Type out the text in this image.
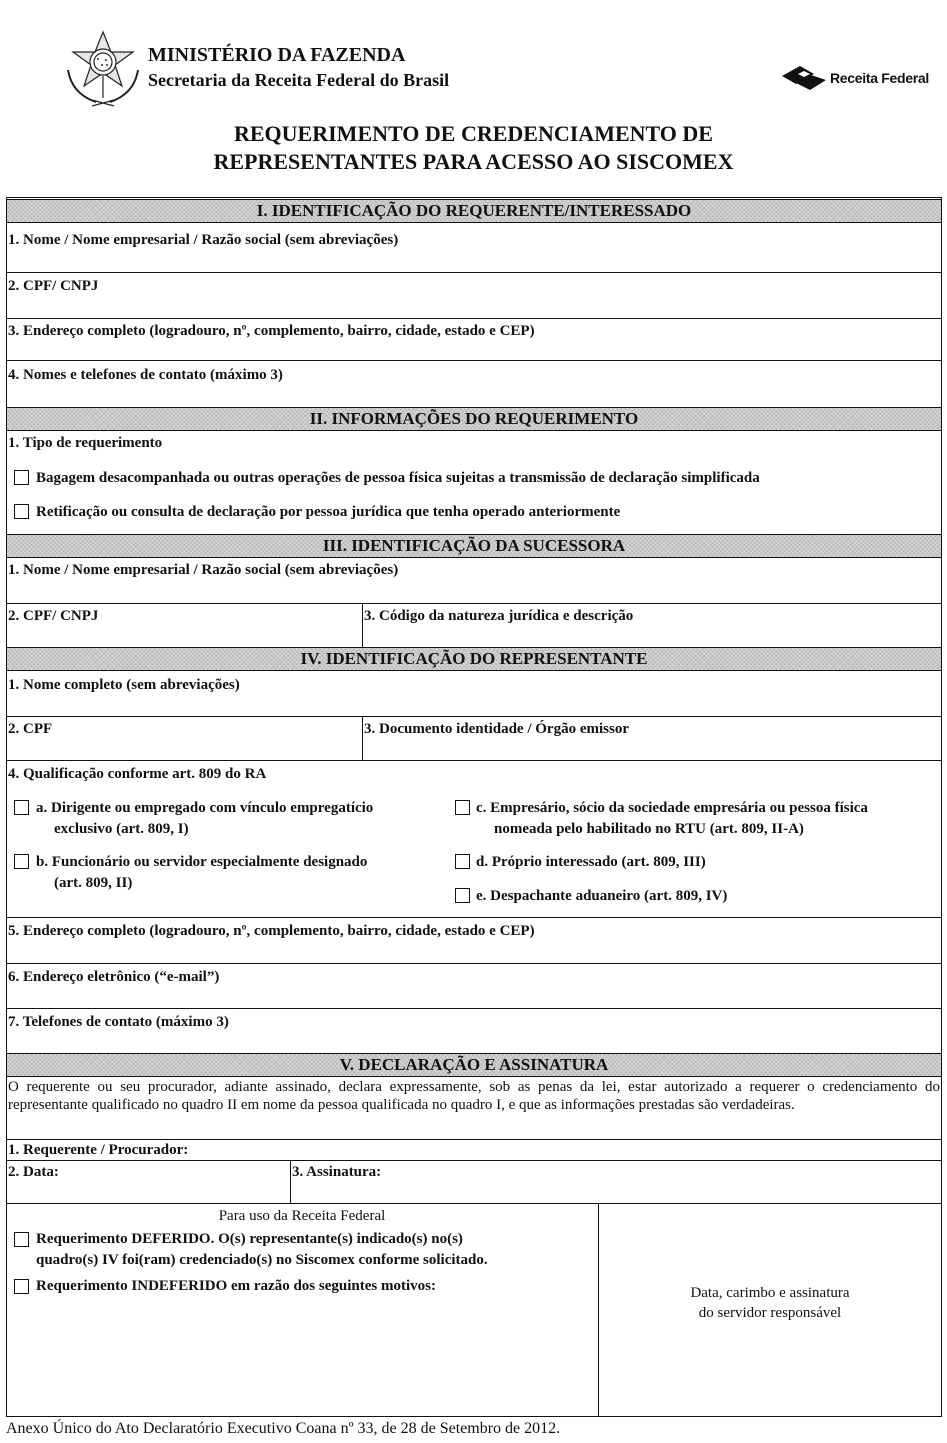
MINISTÉRIO DA FAZENDA
Secretaria da Receita Federal do Brasil	Receita Federal
REQUERIMENTO DE CREDENCIAMENTO DE
REPRESENTANTES PARA ACESSO AO SISCOMEX
I. IDENTIFICAÇÃO DO REQUERENTE/INTERESSADO
1. Nome / Nome empresarial / Razão social (sem abreviações)
2. CPF/ CNPJ
3. Endereço completo (logradouro, nº, complemento, bairro, cidade, estado e CEP)
4. Nomes e telefones de contato (máximo 3)
II. INFORMAÇÕES DO REQUERIMENTO
1. Tipo de requerimento
Bagagem desacompanhada ou outras operações de pessoa física sujeitas a transmissão de declaração simplificada
Retificação ou consulta de declaração por pessoa jurídica que tenha operado anteriormente
III. IDENTIFICAÇÃO DA SUCESSORA
1. Nome / Nome empresarial / Razão social (sem abreviações)
2. CPF/ CNPJ	3. Código da natureza jurídica e descrição
IV. IDENTIFICAÇÃO DO REPRESENTANTE
1. Nome completo (sem abreviações)
2. CPF	3. Documento identidade / Órgão emissor
4. Qualificação conforme art. 809 do RA
a. Dirigente ou empregado com vínculo empregatício
exclusivo (art. 809, I)
b. Funcionário ou servidor especialmente designado
(art. 809, II)
c. Empresário, sócio da sociedade empresária ou pessoa física
nomeada pelo habilitado no RTU (art. 809, II-A)
d. Próprio interessado (art. 809, III)
e. Despachante aduaneiro (art. 809, IV)
5. Endereço completo (logradouro, nº, complemento, bairro, cidade, estado e CEP)
6. Endereço eletrônico (“e-mail”)
7. Telefones de contato (máximo 3)
V. DECLARAÇÃO E ASSINATURA
O requerente ou seu procurador, adiante assinado, declara expressamente, sob as penas da lei, estar autorizado a requerer o credenciamento do representante qualificado no quadro II em nome da pessoa qualificada no quadro I, e que as informações prestadas são verdadeiras.
1. Requerente / Procurador:
2. Data:	3. Assinatura:
Para uso da Receita Federal
Requerimento DEFERIDO. O(s) representante(s) indicado(s) no(s)
quadro(s) IV foi(ram) credenciado(s) no Siscomex conforme solicitado.
Requerimento INDEFERIDO em razão dos seguintes motivos:	Data, carimbo e assinatura
do servidor responsável
Anexo Único do Ato Declaratório Executivo Coana nº 33, de 28 de Setembro de 2012.
